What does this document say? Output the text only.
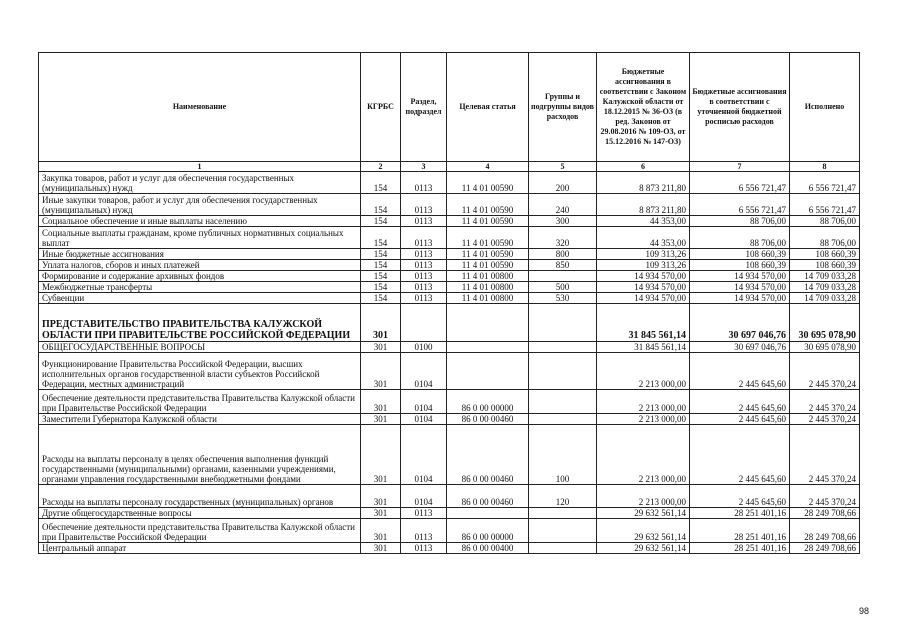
Наименование	КГРБС	Раздел, подраздел	Целевая статья	Группы и подгруппы видов расходов	Бюджетные ассигнования в соответствии с Законом Калужской области от 18.12.2015 № 36-ОЗ (в ред. Законов от 29.08.2016 № 109-ОЗ, от 15.12.2016 № 147-ОЗ)	Бюджетные ассигнования в соответствии с уточненной бюджетной росписью расходов	Исполнено
1	2	3	4	5	6	7	8
Закупка товаров, работ и услуг для обеспечения государственных (муниципальных) нужд	154	0113	11 4 01 00590	200	8 873 211,80	6 556 721,47	6 556 721,47
Иные закупки товаров, работ и услуг для обеспечения государственных (муниципальных) нужд	154	0113	11 4 01 00590	240	8 873 211,80	6 556 721,47	6 556 721,47
Социальное обеспечение и иные выплаты населению	154	0113	11 4 01 00590	300	44 353,00	88 706,00	88 706,00
Социальные выплаты гражданам, кроме публичных нормативных социальных выплат	154	0113	11 4 01 00590	320	44 353,00	88 706,00	88 706,00
Иные бюджетные ассигнования	154	0113	11 4 01 00590	800	109 313,26	108 660,39	108 660,39
Уплата налогов, сборов и иных платежей	154	0113	11 4 01 00590	850	109 313,26	108 660,39	108 660,39
Формирование и содержание архивных фондов	154	0113	11 4 01 00800		14 934 570,00	14 934 570,00	14 709 033,28
Межбюджетные трансферты	154	0113	11 4 01 00800	500	14 934 570,00	14 934 570,00	14 709 033,28
Субвенции	154	0113	11 4 01 00800	530	14 934 570,00	14 934 570,00	14 709 033,28
ПРЕДСТАВИТЕЛЬСТВО ПРАВИТЕЛЬСТВА КАЛУЖСКОЙ ОБЛАСТИ ПРИ ПРАВИТЕЛЬСТВЕ РОССИЙСКОЙ ФЕДЕРАЦИИ	301				31 845 561,14	30 697 046,76	30 695 078,90
ОБЩЕГОСУДАРСТВЕННЫЕ ВОПРОСЫ	301	0100			31 845 561,14	30 697 046,76	30 695 078,90
Функционирование Правительства Российской Федерации, высших исполнительных органов государственной власти субъектов Российской Федерации, местных администраций	301	0104			2 213 000,00	2 445 645,60	2 445 370,24
Обеспечение деятельности представительства Правительства Калужской области при Правительстве Российской Федерации	301	0104	86 0 00 00000		2 213 000,00	2 445 645,60	2 445 370,24
Заместители Губернатора Калужской области	301	0104	86 0 00 00460		2 213 000,00	2 445 645,60	2 445 370,24
Расходы на выплаты персоналу в целях обеспечения выполнения функций государственными (муниципальными) органами, казенными учреждениями, органами управления государственными внебюджетными фондами	301	0104	86 0 00 00460	100	2 213 000,00	2 445 645,60	2 445 370,24
Расходы на выплаты персоналу государственных (муниципальных) органов	301	0104	86 0 00 00460	120	2 213 000,00	2 445 645,60	2 445 370,24
Другие общегосударственные вопросы	301	0113			29 632 561,14	28 251 401,16	28 249 708,66
Обеспечение деятельности представительства Правительства Калужской области при Правительстве Российской Федерации	301	0113	86 0 00 00000		29 632 561,14	28 251 401,16	28 249 708,66
Центральный аппарат	301	0113	86 0 00 00400		29 632 561,14	28 251 401,16	28 249 708,66
98
